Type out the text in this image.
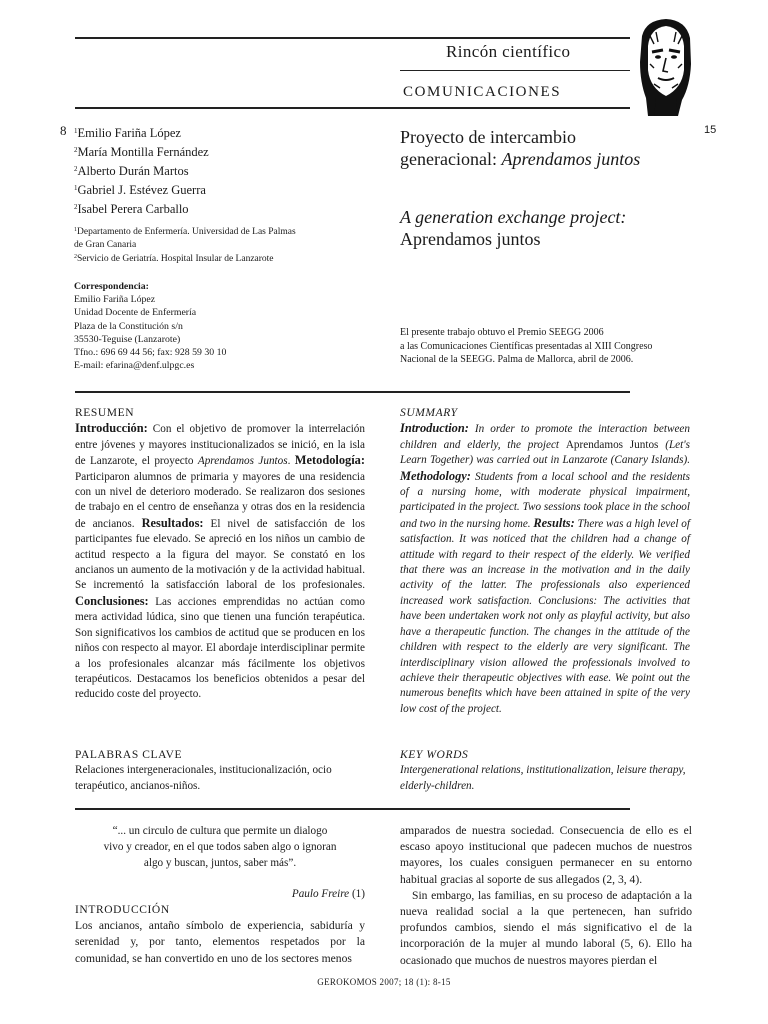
Rincón científico
COMUNICACIONES
8	15
$^1$Emilio Fariña López
$^2$María Montilla Fernández
$^2$Alberto Durán Martos
$^1$Gabriel J. Estévez Guerra
$^2$Isabel Perera Carballo
$^1$Departamento de Enfermería. Universidad de Las Palmas
de Gran Canaria
$^2$Servicio de Geriatría. Hospital Insular de Lanzarote
Correspondencia:
Emilio Fariña López
Unidad Docente de Enfermería
Plaza de la Constitución s/n
35530-Teguise (Lanzarote)
Tfno.: 696 69 44 56; fax: 928 59 30 10
E-mail: efarina@denf.ulpgc.es
Proyecto de intercambio
generacional: Aprendamos juntos
A generation exchange project:
Aprendamos juntos
El presente trabajo obtuvo el Premio SEEGG 2006
a las Comunicaciones Científicas presentadas al XIII Congreso
Nacional de la SEEGG. Palma de Mallorca, abril de 2006.
RESUMEN
Introducción: Con el objetivo de promover la interrelación entre jóvenes y mayores institucionalizados se inició, en la isla de Lanzarote, el proyecto Aprendamos Juntos. Metodología: Participaron alumnos de primaria y mayores de una residencia con un nivel de deterioro moderado. Se realizaron dos sesiones de trabajo en el centro de enseñanza y otras dos en la residencia de ancianos. Resultados: El nivel de satisfacción de los participantes fue elevado. Se apreció en los niños un cambio de actitud respecto a la figura del mayor. Se constató en los ancianos un aumento de la motivación y de la actividad habitual. Se incrementó la satisfacción laboral de los profesionales. Conclusiones: Las acciones emprendidas no actúan como mera actividad lúdica, sino que tienen una función terapéutica. Son significativos los cambios de actitud que se producen en los niños con respecto al mayor. El abordaje interdisciplinar permite a los profesionales alcanzar más fácilmente los objetivos terapéuticos. Destacamos los beneficios obtenidos a pesar del reducido coste del proyecto.
SUMMARY
Introduction: In order to promote the interaction between children and elderly, the project Aprendamos Juntos (Let's Learn Together) was carried out in Lanzarote (Canary Islands). Methodology: Students from a local school and the residents of a nursing home, with moderate physical impairment, participated in the project. Two sessions took place in the school and two in the nursing home. Results: There was a high level of satisfaction. It was noticed that the children had a change of attitude with regard to their respect of the elderly. We verified that there was an increase in the motivation and in the daily activity of the latter. The professionals also experienced increased work satisfaction. Conclusions: The activities that have been undertaken work not only as playful activity, but also have a therapeutic function. The changes in the attitude of the children with respect to the elderly are very significant. The interdisciplinary vision allowed the professionals involved to achieve their therapeutic objectives with ease. We point out the numerous benefits which have been attained in spite of the very low cost of the project.
PALABRAS CLAVE
Relaciones intergeneracionales, institucionalización, ocio terapéutico, ancianos-niños.
KEY WORDS
Intergenerational relations, institutionalization, leisure therapy, elderly-children.
“... un circulo de cultura que permite un dialogo
vivo y creador, en el que todos saben algo o ignoran
algo y buscan, juntos, saber más”.
Paulo Freire (1)
INTRODUCCIÓN

Los ancianos, antaño símbolo de experiencia, sabiduría y serenidad y, por tanto, elementos respetados por la comunidad, se han convertido en uno de los sectores menos

amparados de nuestra sociedad. Consecuencia de ello es el escaso apoyo institucional que padecen muchos de nuestros mayores, los cuales consiguen permanecer en su entorno habitual gracias al soporte de sus allegados (2, 3, 4).

Sin embargo, las familias, en su proceso de adaptación a la nueva realidad social a la que pertenecen, han sufrido profundos cambios, siendo el más significativo el de la incorporación de la mujer al mundo laboral (5, 6). Ello ha ocasionado que muchos de nuestros mayores pierdan el

GEROKOMOS 2007; 18 (1): 8-15
